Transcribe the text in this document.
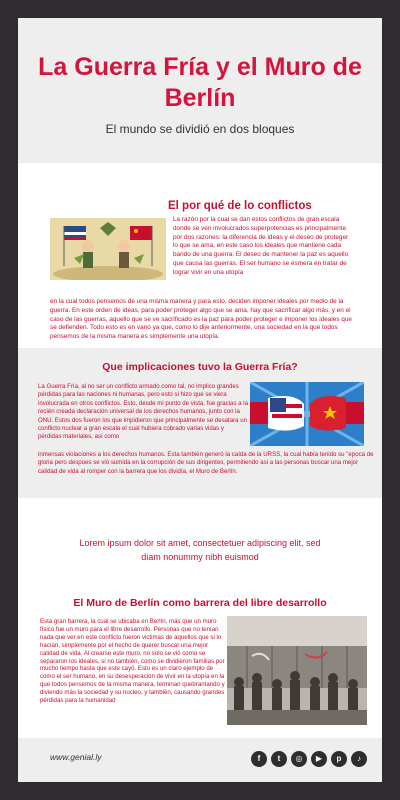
La Guerra Fría y el Muro de Berlín

El mundo se dividió en dos bloques

El por qué de lo conflictos

La razón por la cual se dan estos conflictos de gran escala donde se ven involucrados superpotencias es principalmente por dos razones: la diferencia de ideas y el deseo de proteger lo que se ama, en este caso los ideales que mantiene cada bando de una guerra. El deseo de mantener la paz es aquello que causa las guerras. El ser humano se esmera en tratar de lograr vivir en una utopía

en la cual todos pensemos de una misma manera y para esto, deciden imponer ideales por medio de la guerra. En este orden de ideas, para poder proteger algo que se ama, hay que sacrificar algo más, y en el caso de las guerras, aquello que se ve sacrificado es la paz para poder proteger e imponer los ideales que se defienden. Todo esto es en vano ya que, como lo dije anteriormente, una sociedad en la que todos pensemos de la misma manera es simplemente una utopía.

Que implicaciones tuvo la Guerra Fría?

La Guerra Fría, al no ser un conflicto armado como tal, no implico grandes pérdidas para las naciones ni humanas, pero esto si hizo que se viera involucrada en otros conflictos. Esto, desde mi punto de vista, fue gracias a la recién creada declaración universal de los derechos humanos, junto con la ONU. Estos dos fueron los que impidieron que principalmente se desatara un conflicto nuclear a gran escala el cual hubiera cobrado varias vidas y pérdidas materiales, así como

inmensas violaciones a los derechos humanos. Esta también generó la caída de la URSS, la cual había tenido su "epoca de gloria pero despues se vió sumida en la corrupción de sus dirigentes, permitiendo asi a las personas buscar una mejor calidad de vida al romper con la barrera que los dividía, el Muro de Berlín.

Lorem ipsum dolor sit amet, consectetuer adipiscing elit, sed diam nonummy nibh euismod

El Muro de Berlín como barrera del libre desarrollo

Esta gran barrera, la cual se ubicaba en Berlín, más que un muro físico fue un muro para el libre desarrollo. Personas que no tenían nada que ver en este conflicto fueron victimas de aquellos que si lo hacían, simplemente por el hecho de querer buscar una mejor calidad de vida. Al crearse este muro, no solo se vió como se separaron los ideales, si no también, como se dividieron familias por mucho tiempo hasta que este cayó. Esto es un claro ejemplo de como el ser humano, en su desesperación de vivir en la utopía en la que todos pensemos de la misma manera, terminan quebrantando y diviendo más la sociedad y su nucleo, y también, causando grandes pérdidas para la humanidad

www.genial.ly	f	t	◎	▶	p	♪
